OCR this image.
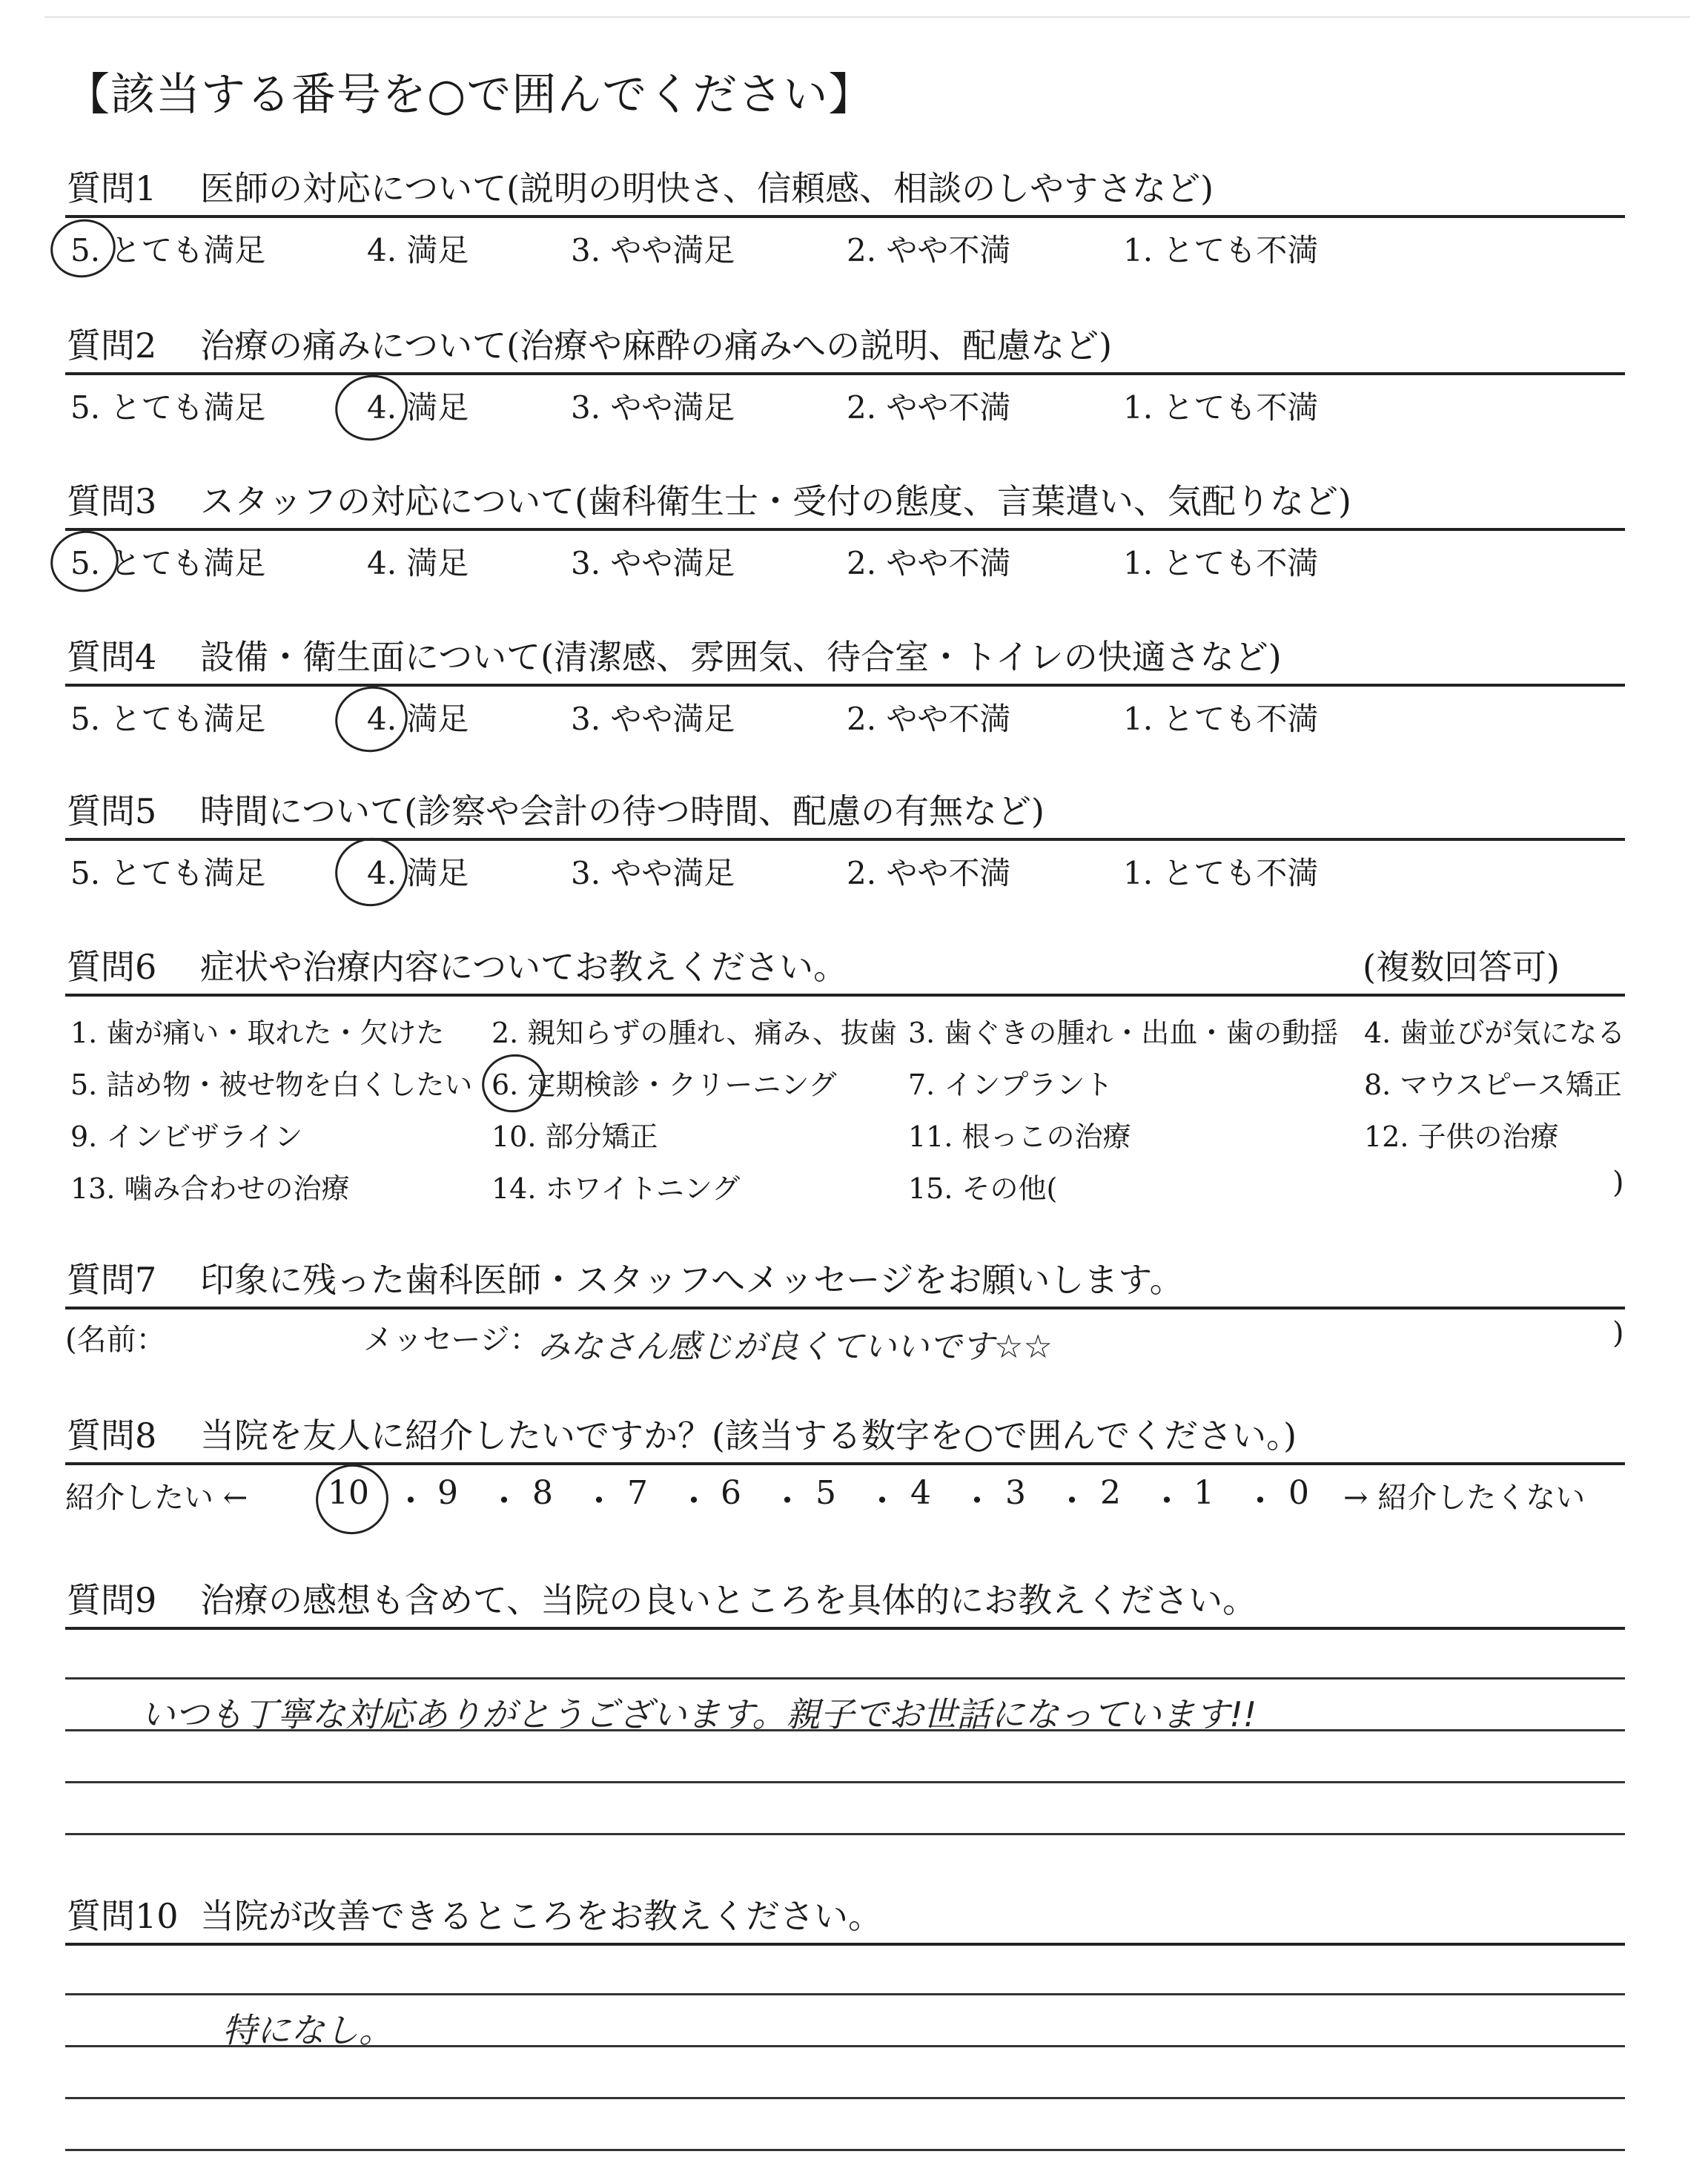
【該当する番号を○で囲んでください】
質問1 医師の対応について(説明の明快さ、信頼感、相談のしやすさなど)
5. とても満足	4. 満足	3. やや満足	2. やや不満	1. とても不満
質問2 治療の痛みについて(治療や麻酔の痛みへの説明、配慮など)
5. とても満足	4. 満足	3. やや満足	2. やや不満	1. とても不満
質問3 スタッフの対応について(歯科衛生士・受付の態度、言葉遣い、気配りなど)
5. とても満足	4. 満足	3. やや満足	2. やや不満	1. とても不満
質問4 設備・衛生面について(清潔感、雰囲気、待合室・トイレの快適さなど)
5. とても満足	4. 満足	3. やや満足	2. やや不満	1. とても不満
質問5 時間について(診察や会計の待つ時間、配慮の有無など)
5. とても満足	4. 満足	3. やや満足	2. やや不満	1. とても不満
質問6 症状や治療内容についてお教えください。	(複数回答可)
1. 歯が痛い・取れた・欠けた 2. 親知らずの腫れ、痛み、抜歯 3. 歯ぐきの腫れ・出血・歯の動揺 4. 歯並びが気になる
5. 詰め物・被せ物を白くしたい 6. 定期検診・クリーニング	7. インプラント	8. マウスピース矯正
9. インビザライン	10. 部分矯正	11. 根っこの治療	12. 子供の治療
13. 噛み合わせの治療	14. ホワイトニング	15. その他(	)
質問7 印象に残った歯科医師・スタッフへメッセージをお願いします。
(名前：	メッセージ：
みなさん感じが良くていいです☆☆	)
質問8 当院を友人に紹介したいですか？(該当する数字を○で囲んでください。)
紹介したい ← 10 ・ 9 ・ 8 ・ 7 ・ 6 ・ 5 ・ 4 ・ 3 ・ 2 ・ 1 ・ 0 → 紹介したくない
質問9 治療の感想も含めて、当院の良いところを具体的にお教えください。
いつも丁寧な対応ありがとうございます。親子でお世話になっています!!
質問10 当院が改善できるところをお教えください。
特になし。
